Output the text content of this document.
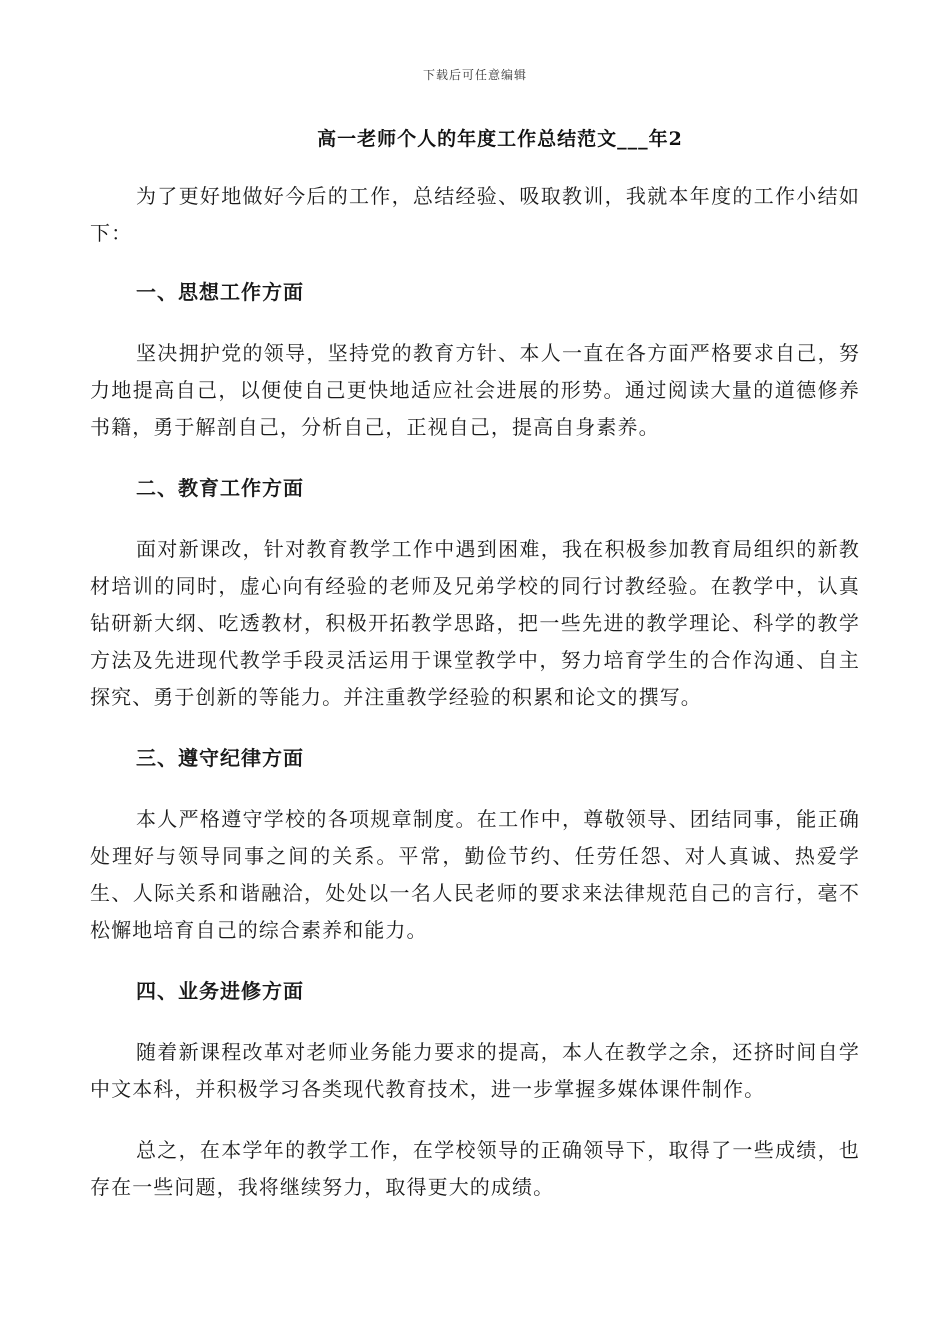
下载后可任意编辑
高一老师个人的年度工作总结范文___年2

为了更好地做好今后的工作，总结经验、吸取教训，我就本年度的工作小结如下：

一、思想工作方面

坚决拥护党的领导，坚持党的教育方针、本人一直在各方面严格要求自己，努力地提高自己，以便使自己更快地适应社会进展的形势。通过阅读大量的道德修养书籍，勇于解剖自己，分析自己，正视自己，提高自身素养。

二、教育工作方面

面对新课改，针对教育教学工作中遇到困难，我在积极参加教育局组织的新教材培训的同时，虚心向有经验的老师及兄弟学校的同行讨教经验。在教学中，认真钻研新大纲、吃透教材，积极开拓教学思路，把一些先进的教学理论、科学的教学方法及先进现代教学手段灵活运用于课堂教学中，努力培育学生的合作沟通、自主探究、勇于创新的等能力。并注重教学经验的积累和论文的撰写。

三、遵守纪律方面

本人严格遵守学校的各项规章制度。在工作中，尊敬领导、团结同事，能正确处理好与领导同事之间的关系。平常，勤俭节约、任劳任怨、对人真诚、热爱学生、人际关系和谐融洽，处处以一名人民老师的要求来法律规范自己的言行，毫不松懈地培育自己的综合素养和能力。

四、业务进修方面

随着新课程改革对老师业务能力要求的提高，本人在教学之余，还挤时间自学中文本科，并积极学习各类现代教育技术，进一步掌握多媒体课件制作。

总之，在本学年的教学工作，在学校领导的正确领导下，取得了一些成绩，也存在一些问题，我将继续努力，取得更大的成绩。
